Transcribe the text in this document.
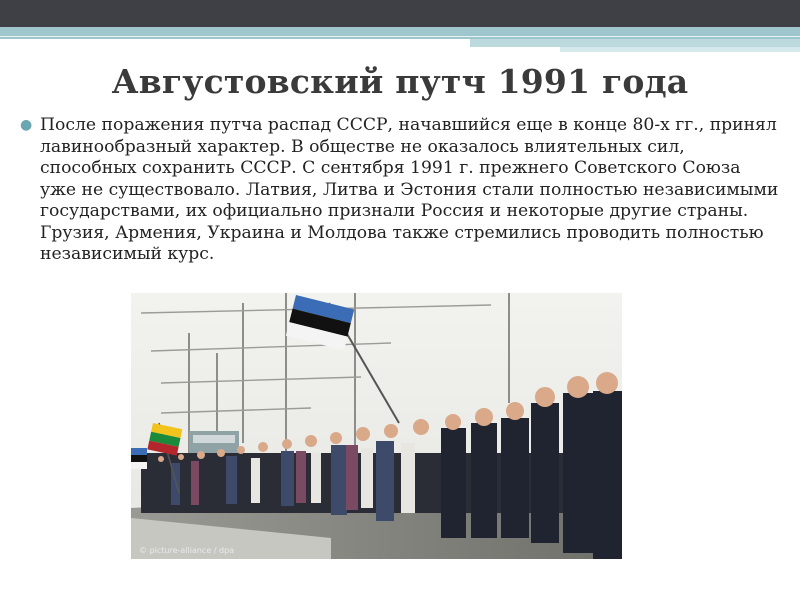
Августовский путч 1991 года
● После поражения путча распад СССР, начавшийся еще в конце 80-х гг., принял лавинообразный характер. В обществе не оказалось влиятельных сил, способных сохранить СССР. С сентября 1991 г. прежнего Советского Союза уже не существовало. Латвия, Литва и Эстония стали полностью независимыми государствами, их официально признали Россия и некоторые другие страны. Грузия, Армения, Украина и Молдова также стремились проводить полностью независимый курс.

© picture-alliance / dpa
